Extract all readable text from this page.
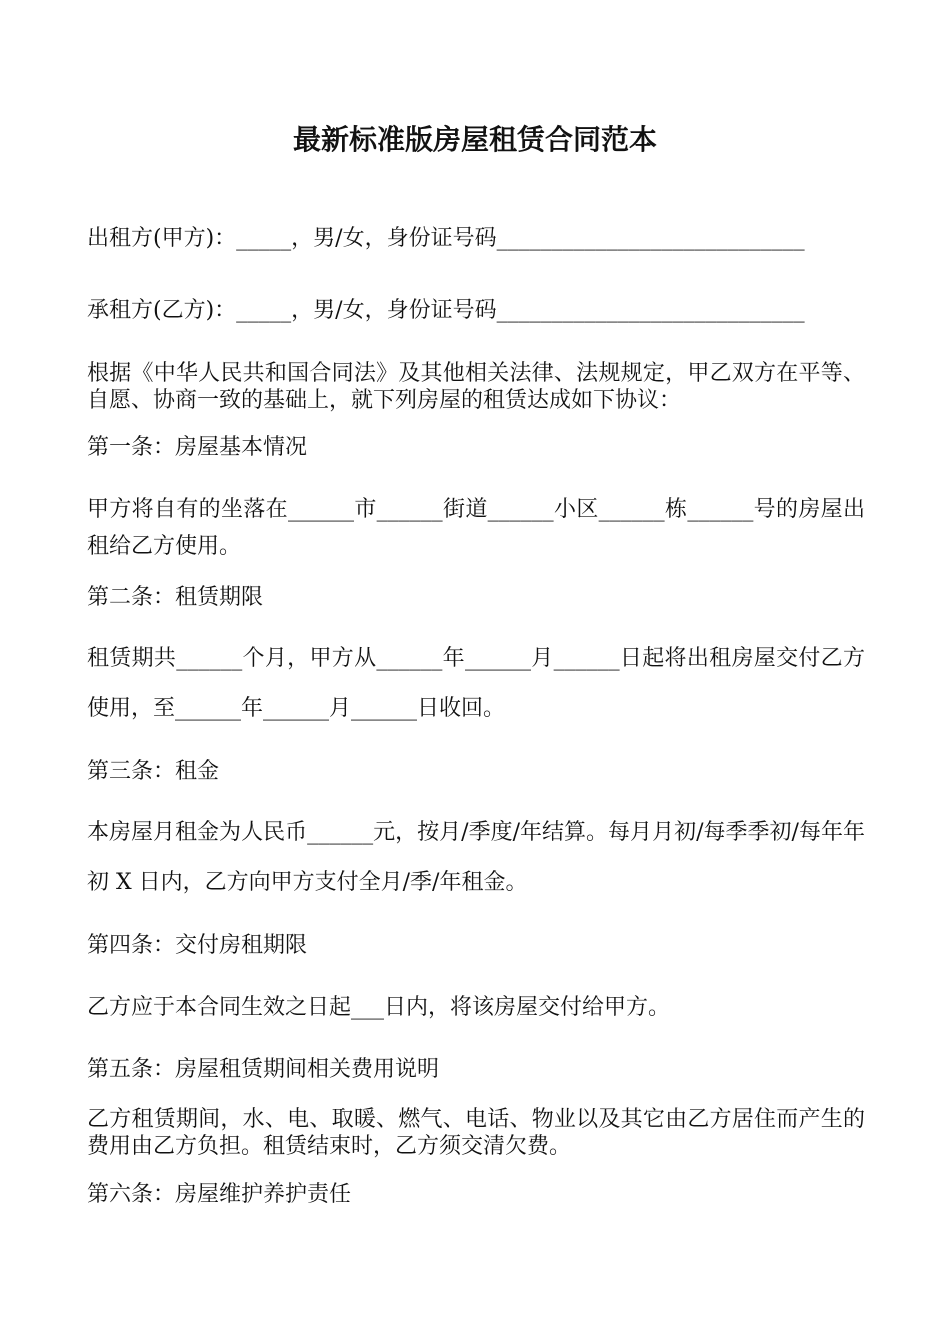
最新标准版房屋租赁合同范本
出租方(甲方)：_____，男/女，身份证号码____________________________
承租方(乙方)：_____，男/女，身份证号码____________________________
根据《中华人民共和国合同法》及其他相关法律、法规规定，甲乙双方在平等、自愿、协商一致的基础上，就下列房屋的租赁达成如下协议：
第一条：房屋基本情况
甲方将自有的坐落在______市______街道______小区______栋______号的房屋出租给乙方使用。
第二条：租赁期限
租赁期共______个月，甲方从______年______月______日起将出租房屋交付乙方使用，至______年______月______日收回。
第三条：租金
本房屋月租金为人民币______元，按月/季度/年结算。每月月初/每季季初/每年年初 X 日内，乙方向甲方支付全月/季/年租金。
第四条：交付房租期限
乙方应于本合同生效之日起___日内，将该房屋交付给甲方。
第五条：房屋租赁期间相关费用说明
乙方租赁期间，水、电、取暖、燃气、电话、物业以及其它由乙方居住而产生的费用由乙方负担。租赁结束时，乙方须交清欠费。
第六条：房屋维护养护责任
